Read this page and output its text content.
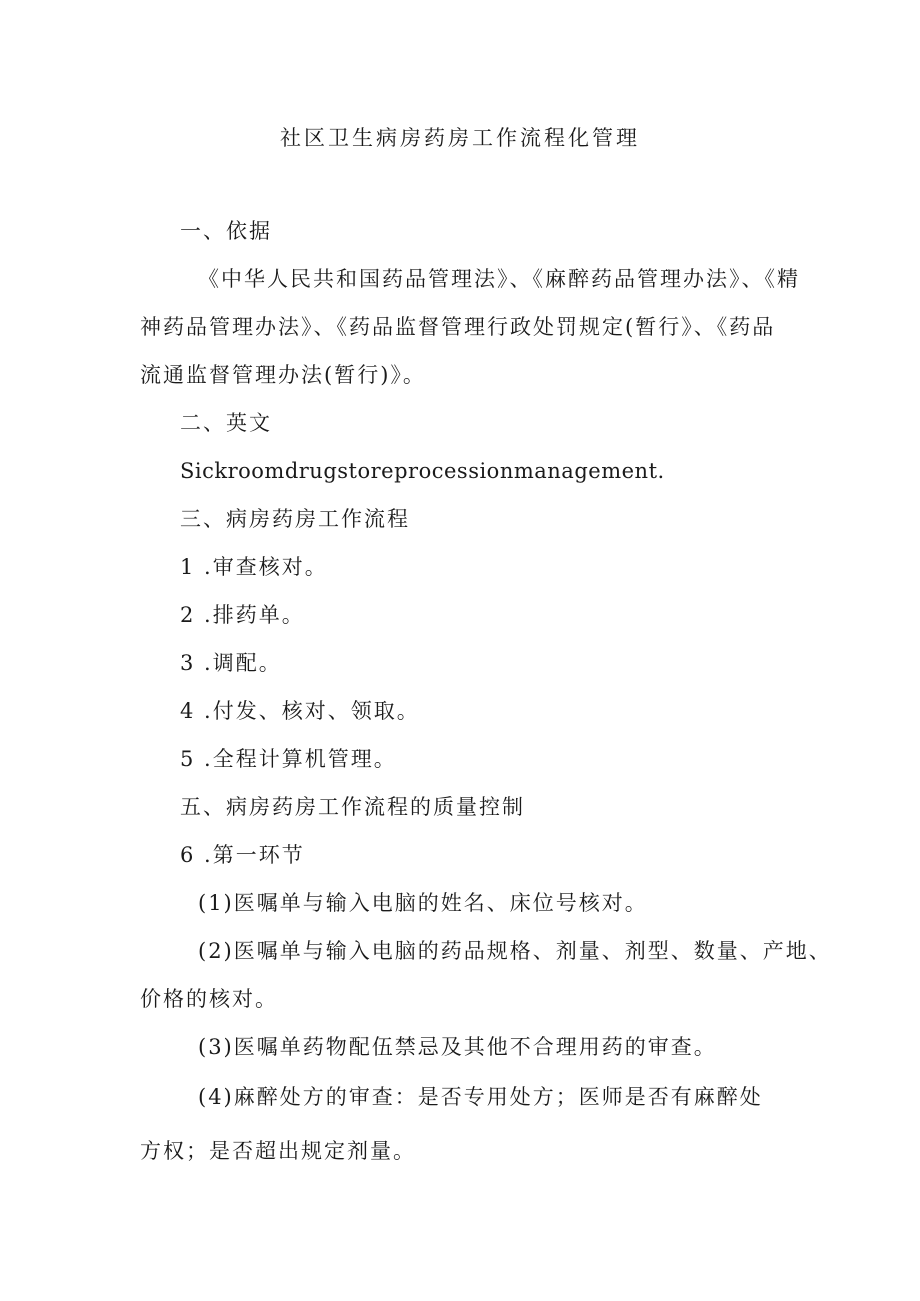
社区卫生病房药房工作流程化管理
一、依据
《中华人民共和国药品管理法》、《麻醉药品管理办法》、《精
神药品管理办法》、《药品监督管理行政处罚规定(暂行》、《药品
流通监督管理办法(暂行)》。
二、英文
Sickroomdrugstoreprocessionmanagement.
三、病房药房工作流程
1 .审查核对。
2 .排药单。
3 .调配。
4 .付发、核对、领取。
5 .全程计算机管理。
五、病房药房工作流程的质量控制
6 .第一环节
(1)医嘱单与输入电脑的姓名、床位号核对。
(2)医嘱单与输入电脑的药品规格、剂量、剂型、数量、产地、
价格的核对。
(3)医嘱单药物配伍禁忌及其他不合理用药的审查。
(4)麻醉处方的审查：是否专用处方；医师是否有麻醉处
方权；是否超出规定剂量。
